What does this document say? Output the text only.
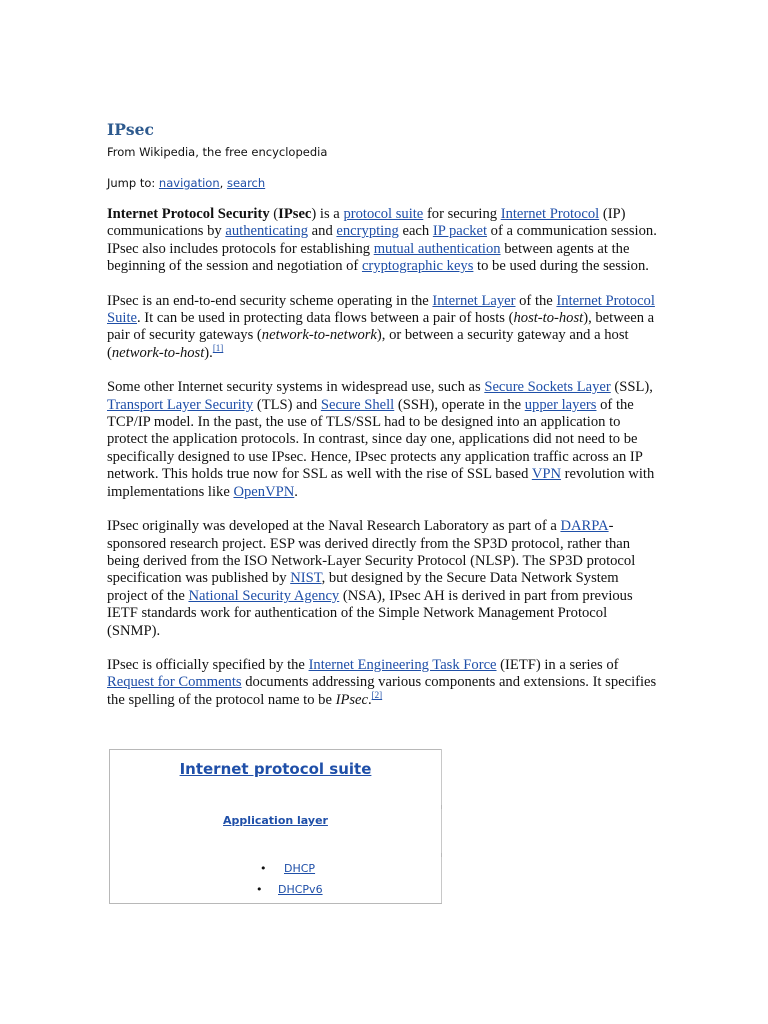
IPsec
From Wikipedia, the free encyclopedia
Jump to: navigation, search

Internet Protocol Security (IPsec) is a protocol suite for securing Internet Protocol (IP) communications by authenticating and encrypting each IP packet of a communication session. IPsec also includes protocols for establishing mutual authentication between agents at the beginning of the session and negotiation of cryptographic keys to be used during the session.

IPsec is an end-to-end security scheme operating in the Internet Layer of the Internet Protocol Suite. It can be used in protecting data flows between a pair of hosts (host-to-host), between a pair of security gateways (network-to-network), or between a security gateway and a host (network-to-host).[1]

Some other Internet security systems in widespread use, such as Secure Sockets Layer (SSL), Transport Layer Security (TLS) and Secure Shell (SSH), operate in the upper layers of the TCP/IP model. In the past, the use of TLS/SSL had to be designed into an application to protect the application protocols. In contrast, since day one, applications did not need to be specifically designed to use IPsec. Hence, IPsec protects any application traffic across an IP network. This holds true now for SSL as well with the rise of SSL based VPN revolution with implementations like OpenVPN.

IPsec originally was developed at the Naval Research Laboratory as part of a DARPA-sponsored research project. ESP was derived directly from the SP3D protocol, rather than being derived from the ISO Network-Layer Security Protocol (NLSP). The SP3D protocol specification was published by NIST, but designed by the Secure Data Network System project of the National Security Agency (NSA), IPsec AH is derived in part from previous IETF standards work for authentication of the Simple Network Management Protocol (SNMP).

IPsec is officially specified by the Internet Engineering Task Force (IETF) in a series of Request for Comments documents addressing various components and extensions. It specifies the spelling of the protocol name to be IPsec.[2]

Internet protocol suite
Application layer
• DHCP
• DHCPv6
